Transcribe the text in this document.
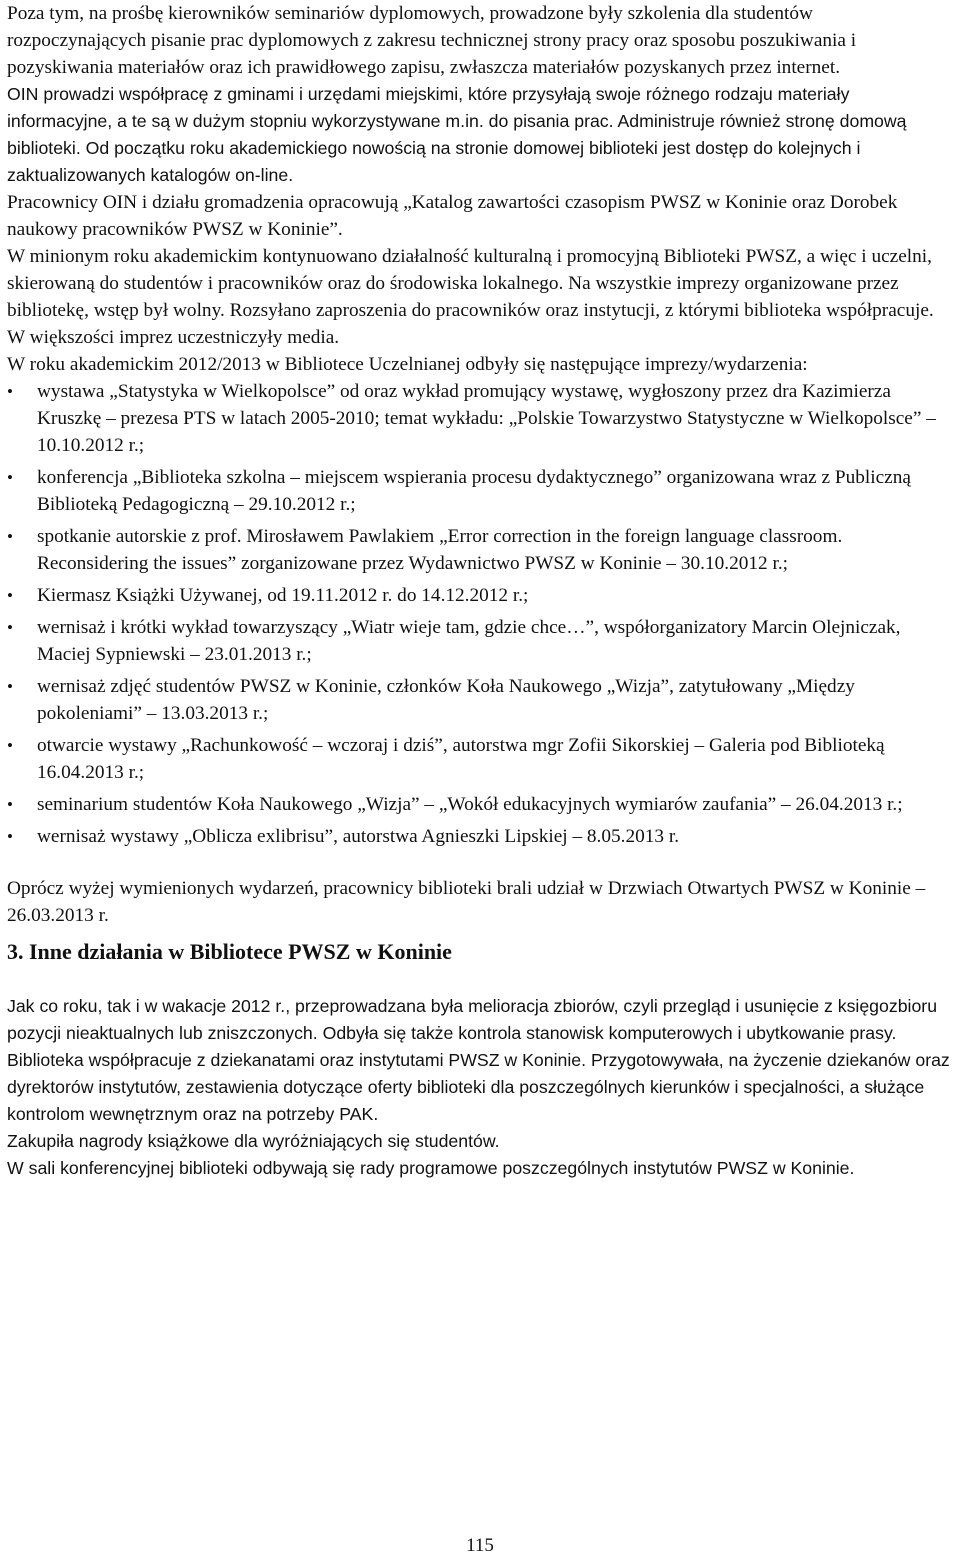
Poza tym, na prośbę kierowników seminariów dyplomowych, prowadzone były szkolenia dla studentów rozpoczynających pisanie prac dyplomowych z zakresu technicznej strony pracy oraz sposobu poszukiwania i pozyskiwania materiałów oraz ich prawidłowego zapisu, zwłaszcza materiałów pozyskanych przez internet.

OIN prowadzi współpracę z gminami i urzędami miejskimi, które przysyłają swoje różnego rodzaju materiały informacyjne, a te są w dużym stopniu wykorzystywane m.in. do pisania prac. Administruje również stronę domową biblioteki. Od początku roku akademickiego nowością na stronie domowej biblioteki jest dostęp do kolejnych i zaktualizowanych katalogów on-line.

Pracownicy OIN i działu gromadzenia opracowują „Katalog zawartości czasopism PWSZ w Koninie oraz Dorobek naukowy pracowników PWSZ w Koninie”.

W minionym roku akademickim kontynuowano działalność kulturalną i promocyjną Biblioteki PWSZ, a więc i uczelni, skierowaną do studentów i pracowników oraz do środowiska lokalnego. Na wszystkie imprezy organizowane przez bibliotekę, wstęp był wolny. Rozsyłano zaproszenia do pracowników oraz instytucji, z którymi biblioteka współpracuje. W większości imprez uczestniczyły media.

W roku akademickim 2012/2013 w Bibliotece Uczelnianej odbyły się następujące imprezy/wydarzenia:

•	wystawa „Statystyka w Wielkopolsce” od oraz wykład promujący wystawę, wygłoszony przez dra Kazimierza Kruszkę – prezesa PTS w latach 2005-2010; temat wykładu: „Polskie Towarzystwo Statystyczne w Wielkopolsce” – 10.10.2012 r.;
•	konferencja „Biblioteka szkolna – miejscem wspierania procesu dydaktycznego” organizowana wraz z Publiczną Biblioteką Pedagogiczną – 29.10.2012 r.;
•	spotkanie autorskie z prof. Mirosławem Pawlakiem „Error correction in the foreign language classroom. Reconsidering the issues” zorganizowane przez Wydawnictwo PWSZ w Koninie – 30.10.2012 r.;
•	Kiermasz Książki Używanej, od 19.11.2012 r. do 14.12.2012 r.;
•	wernisaż i krótki wykład towarzyszący „Wiatr wieje tam, gdzie chce…”, współorganizatory Marcin Olejniczak, Maciej Sypniewski – 23.01.2013 r.;
•	wernisaż zdjęć studentów PWSZ w Koninie, członków Koła Naukowego „Wizja”, zatytułowany „Między pokoleniami” – 13.03.2013 r.;
•	otwarcie wystawy „Rachunkowość – wczoraj i dziś”, autorstwa mgr Zofii Sikorskiej – Galeria pod Biblioteką 16.04.2013 r.;
•	seminarium studentów Koła Naukowego „Wizja” – „Wokół edukacyjnych wymiarów zaufania” – 26.04.2013 r.;
•	wernisaż wystawy „Oblicza exlibrisu”, autorstwa Agnieszki Lipskiej – 8.05.2013 r.

Oprócz wyżej wymienionych wydarzeń, pracownicy biblioteki brali udział w Drzwiach Otwartych PWSZ w Koninie – 26.03.2013 r.

3. Inne działania w Bibliotece PWSZ w Koninie

Jak co roku, tak i w wakacje 2012 r., przeprowadzana była melioracja zbiorów, czyli przegląd i usunięcie z księgozbioru pozycji nieaktualnych lub zniszczonych. Odbyła się także kontrola stanowisk komputerowych i ubytkowanie prasy.

Biblioteka współpracuje z dziekanatami oraz instytutami PWSZ w Koninie. Przygotowywała, na życzenie dziekanów oraz dyrektorów instytutów, zestawienia dotyczące oferty biblioteki dla poszczególnych kierunków i specjalności, a służące kontrolom wewnętrznym oraz na potrzeby PAK.

Zakupiła nagrody książkowe dla wyróżniających się studentów.

W sali konferencyjnej biblioteki odbywają się rady programowe poszczególnych instytutów PWSZ w Koninie.

115
